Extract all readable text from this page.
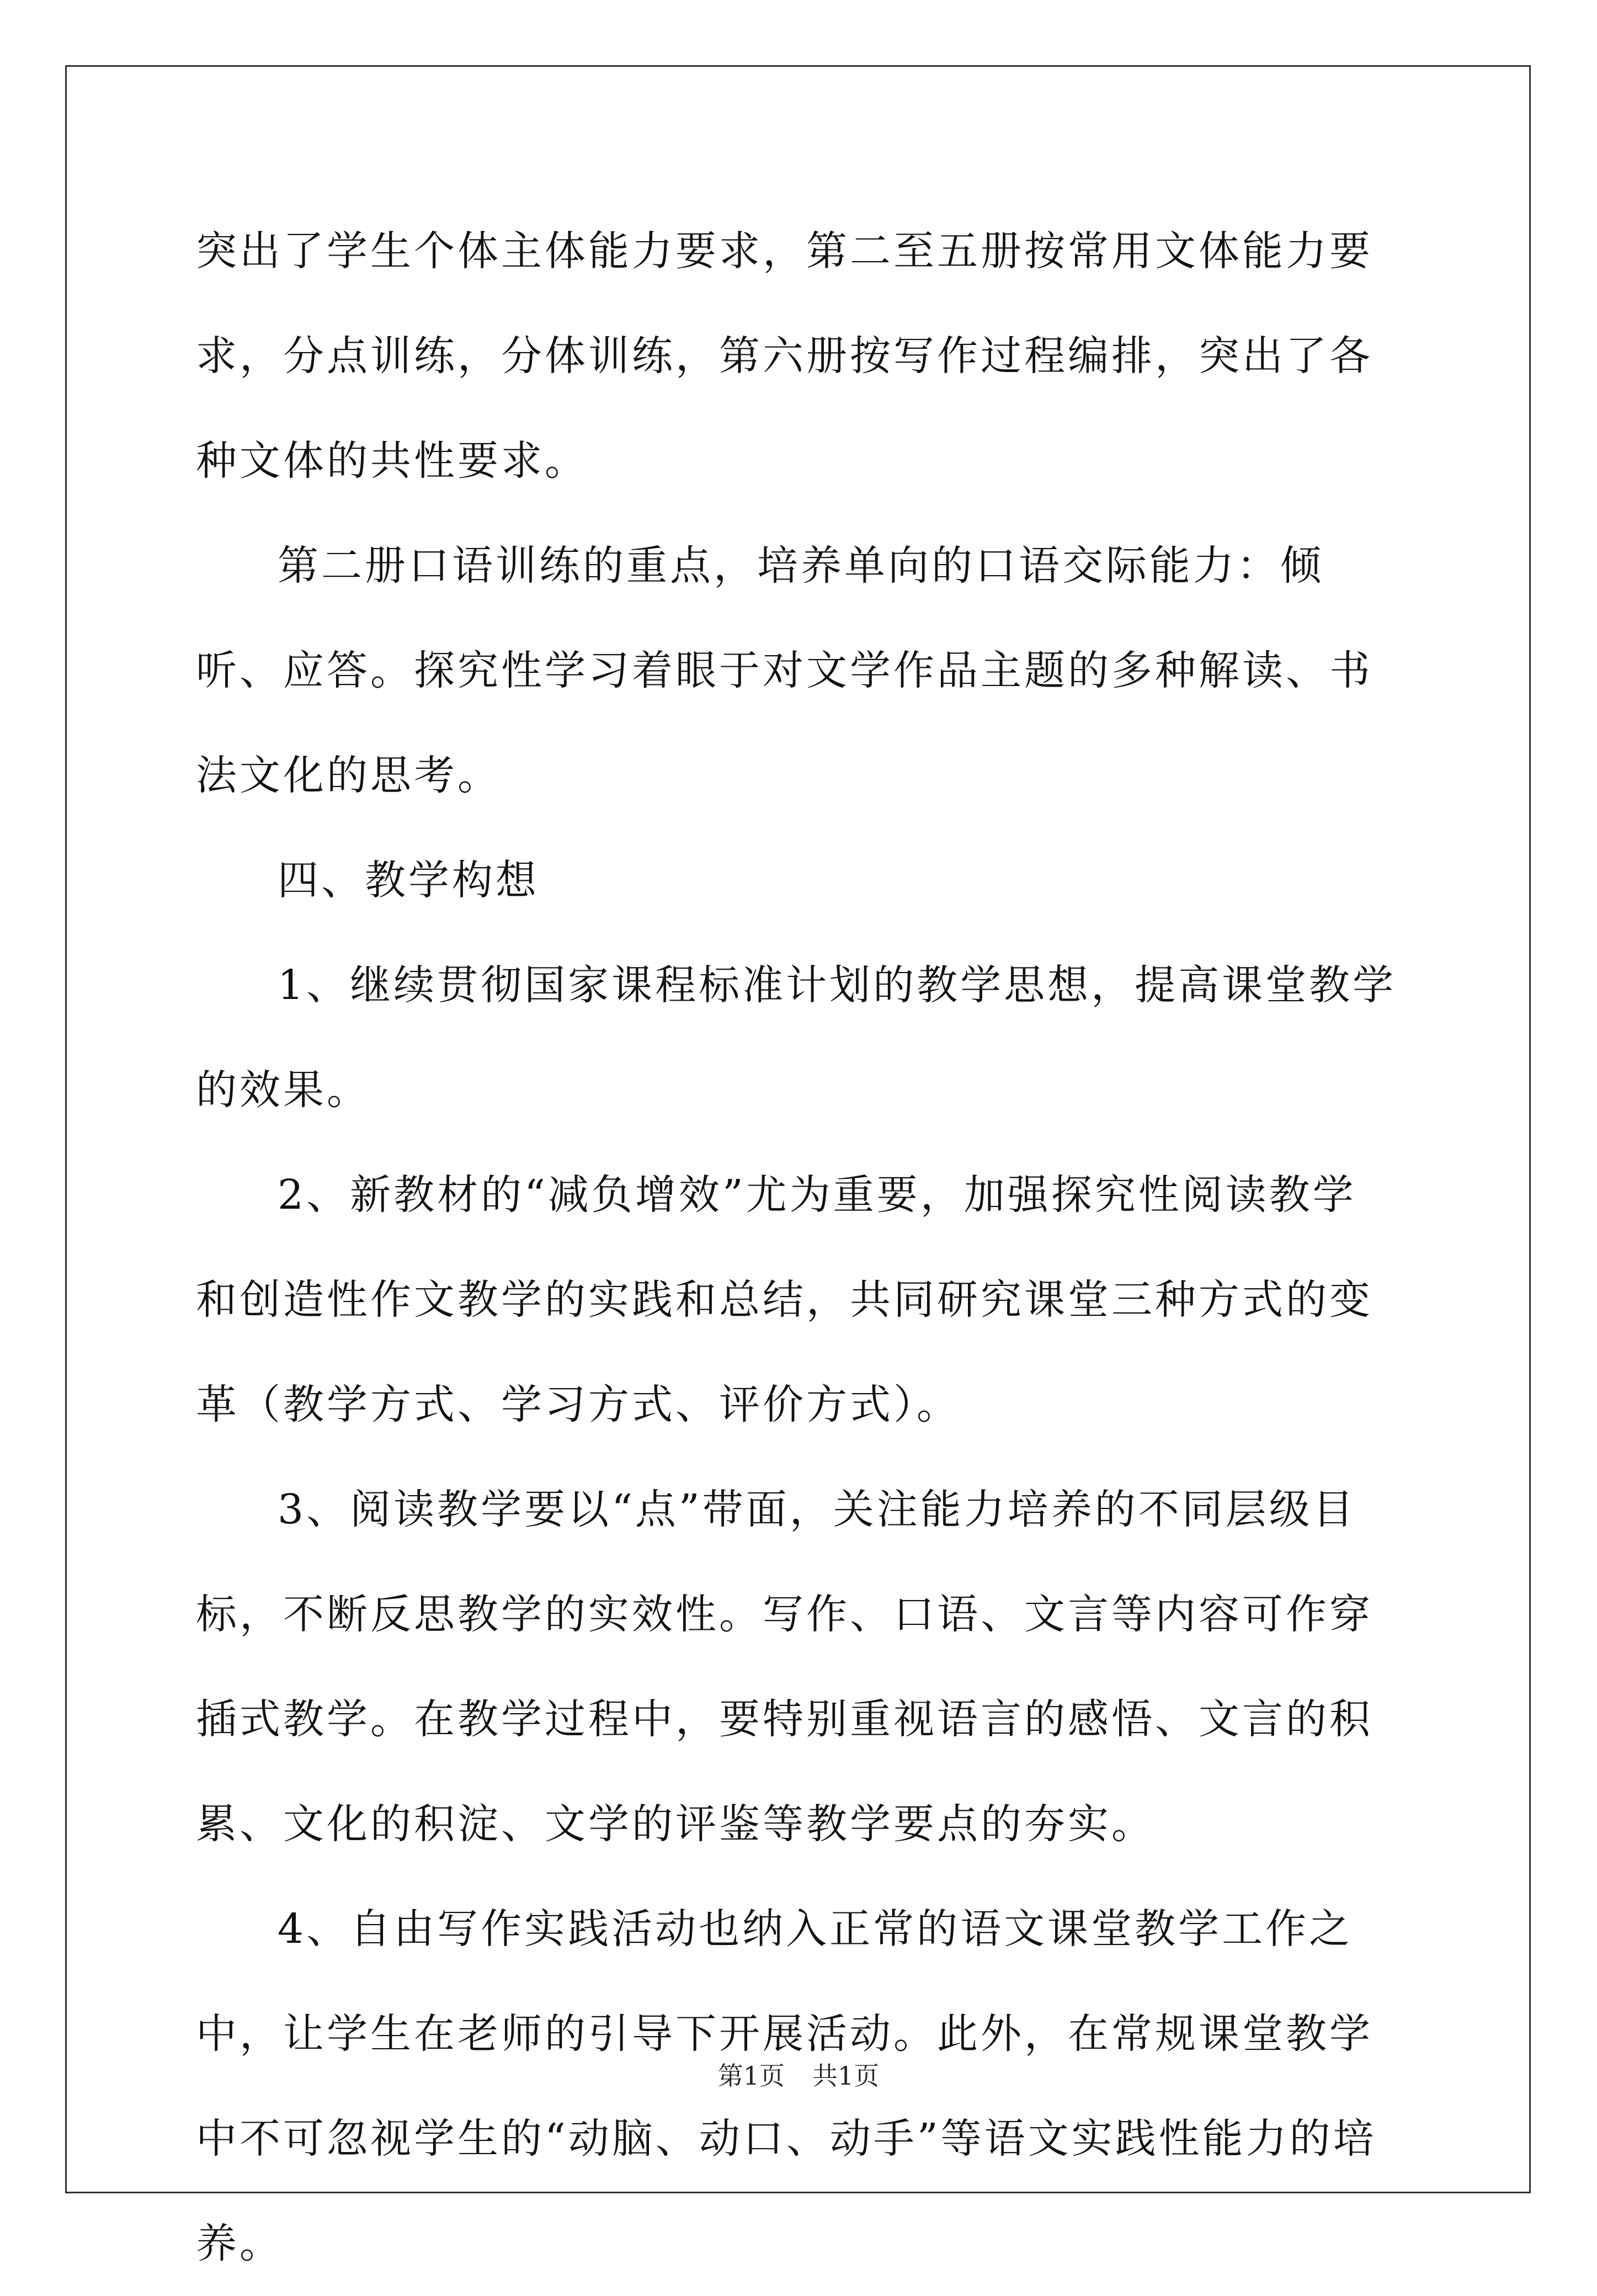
突出了学生个体主体能力要求，第二至五册按常用文体能力要求，分点训练，分体训练，第六册按写作过程编排，突出了各种文体的共性要求。

第二册口语训练的重点，培养单向的口语交际能力：倾听、应答。探究性学习着眼于对文学作品主题的多种解读、书法文化的思考。

四、教学构想

1、继续贯彻国家课程标准计划的教学思想，提高课堂教学的效果。

2、新教材的“减负增效”尤为重要，加强探究性阅读教学和创造性作文教学的实践和总结，共同研究课堂三种方式的变革（教学方式、学习方式、评价方式）。

3、阅读教学要以“点”带面，关注能力培养的不同层级目标，不断反思教学的实效性。写作、口语、文言等内容可作穿插式教学。在教学过程中，要特别重视语言的感悟、文言的积累、文化的积淀、文学的评鉴等教学要点的夯实。

4、自由写作实践活动也纳入正常的语文课堂教学工作之中，让学生在老师的引导下开展活动。此外，在常规课堂教学中不可忽视学生的“动脑、动口、动手”等语文实践性能力的培养。

第1页 共1页
